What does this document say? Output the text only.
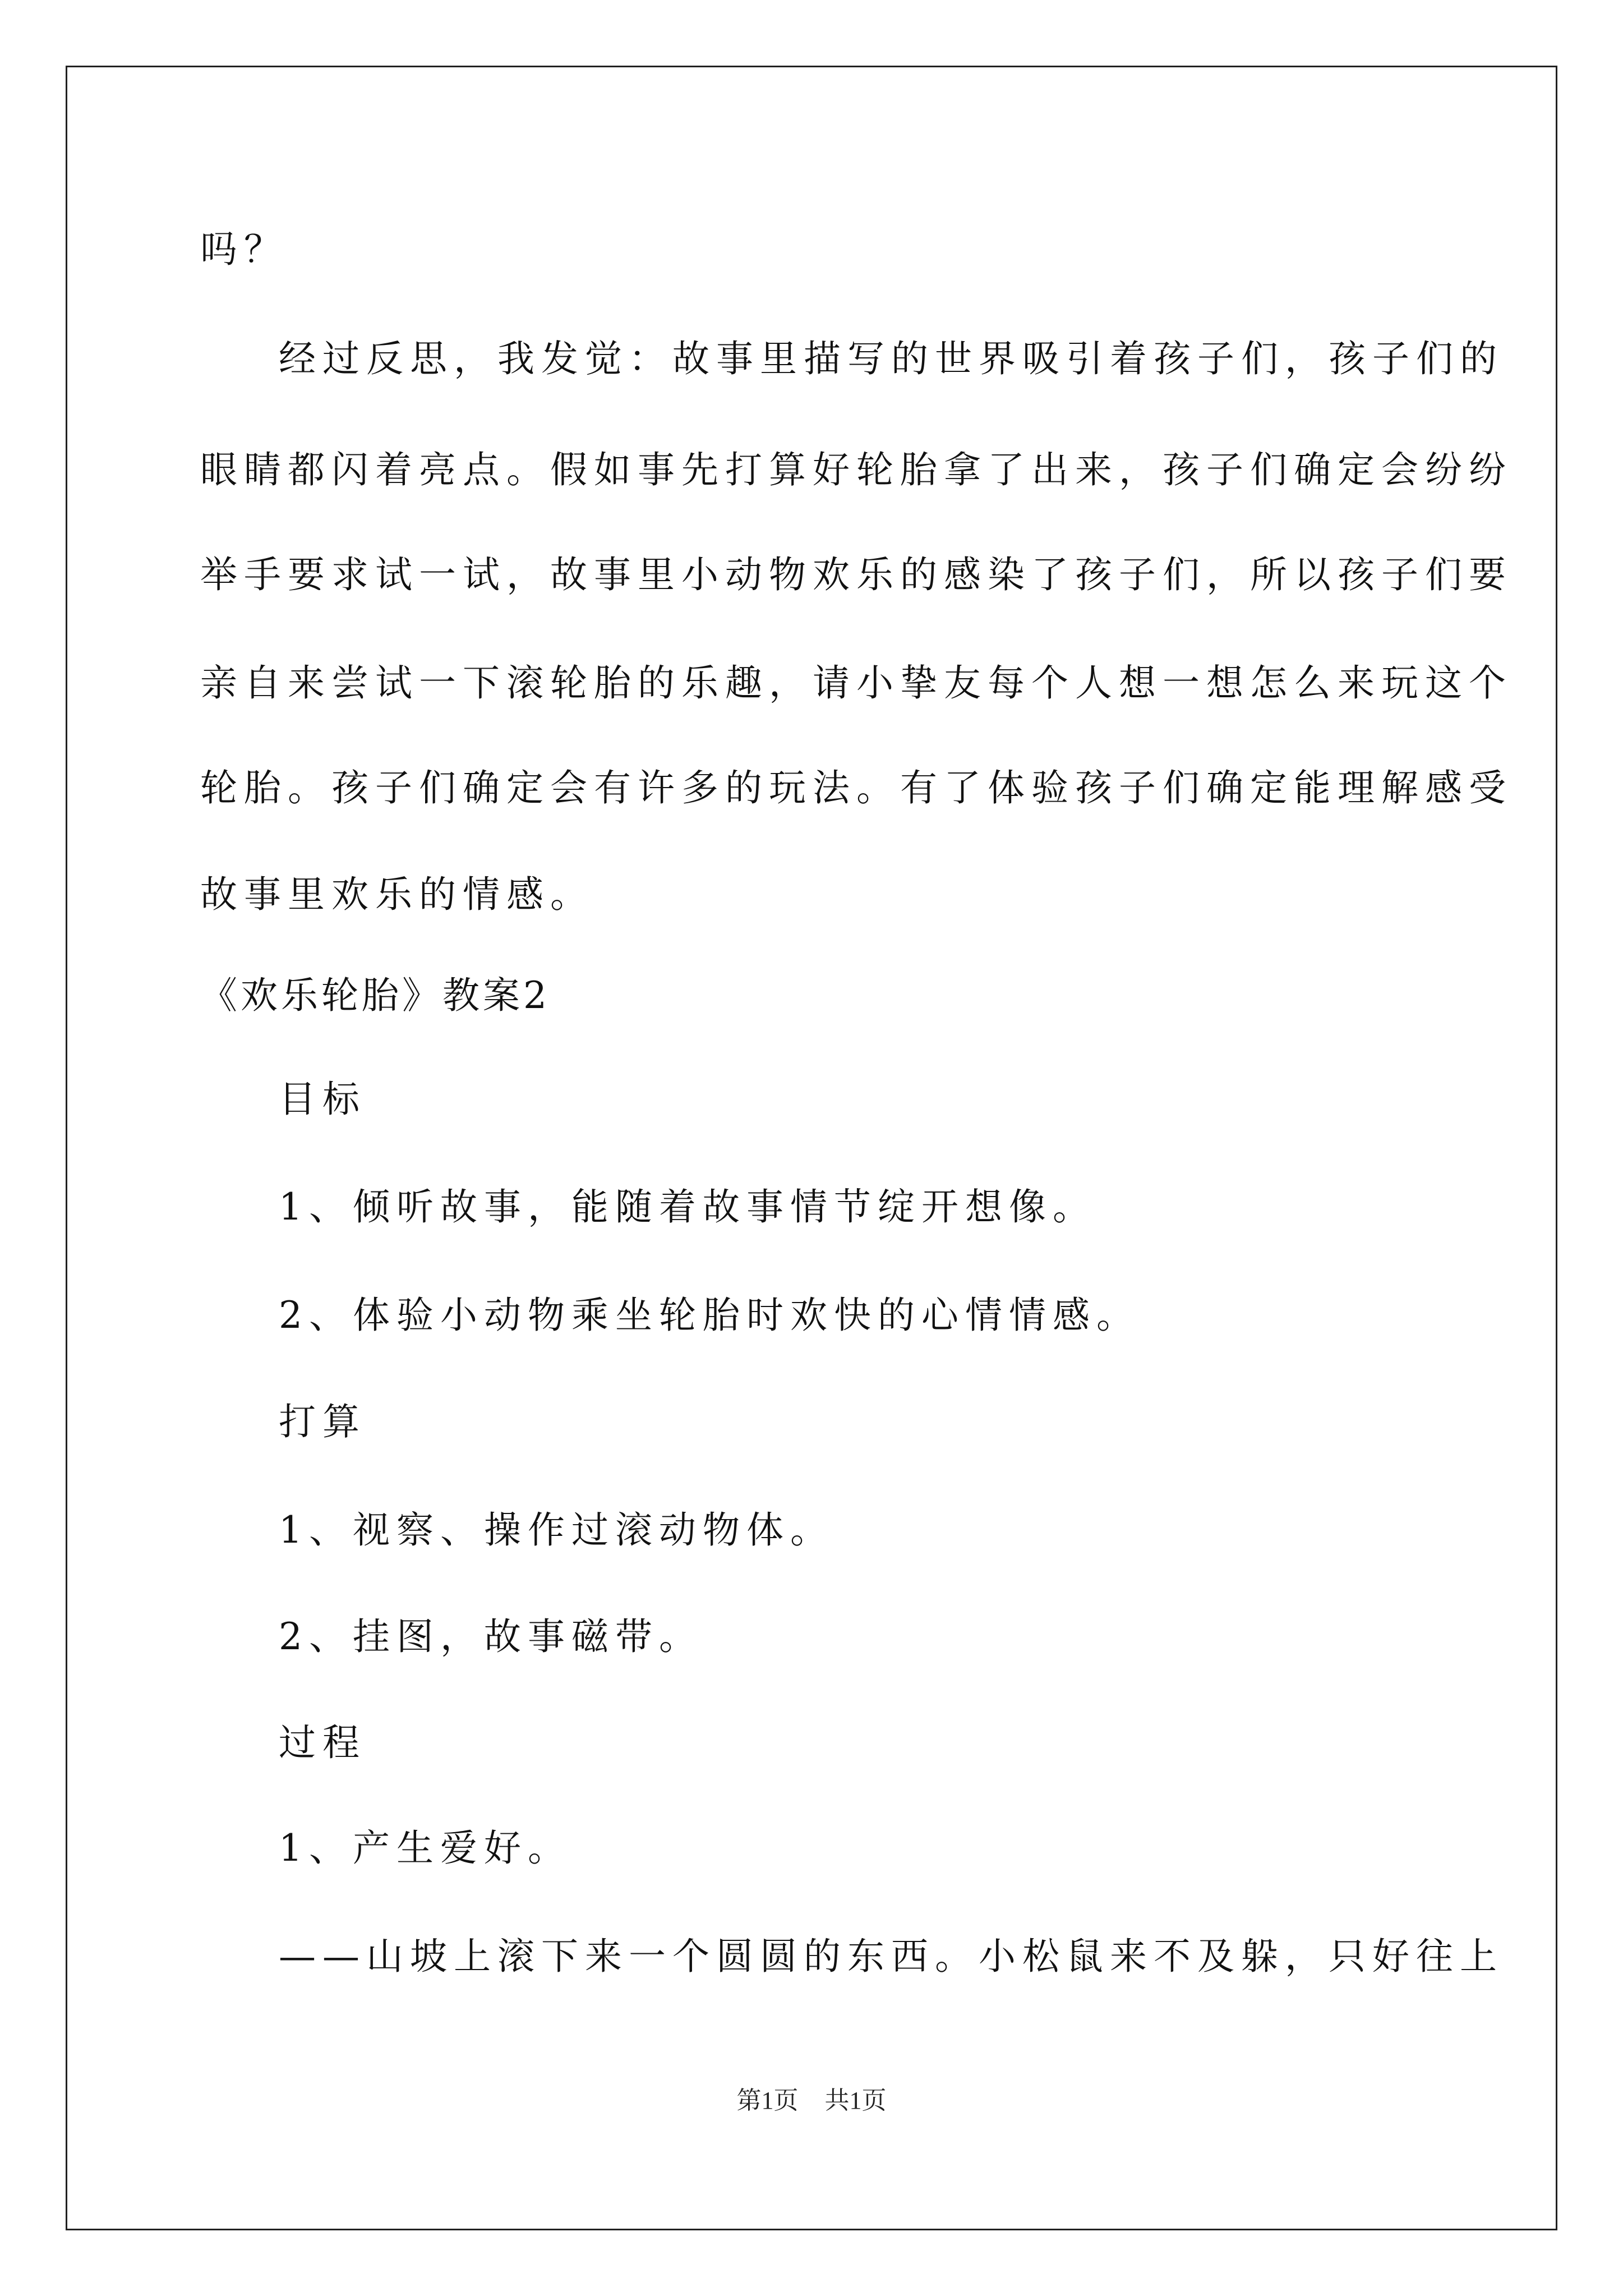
吗？
经过反思，我发觉：故事里描写的世界吸引着孩子们，孩子们的
眼睛都闪着亮点。假如事先打算好轮胎拿了出来，孩子们确定会纷纷
举手要求试一试，故事里小动物欢乐的感染了孩子们，所以孩子们要
亲自来尝试一下滚轮胎的乐趣，请小挚友每个人想一想怎么来玩这个
轮胎。孩子们确定会有许多的玩法。有了体验孩子们确定能理解感受
故事里欢乐的情感。
《欢乐轮胎》教案2
目标
1、倾听故事，能随着故事情节绽开想像。
2、体验小动物乘坐轮胎时欢快的心情情感。
打算
1、视察、操作过滚动物体。
2、挂图，故事磁带。
过程
1、产生爱好。
——山坡上滚下来一个圆圆的东西。小松鼠来不及躲，只好往上
第1页 共1页
